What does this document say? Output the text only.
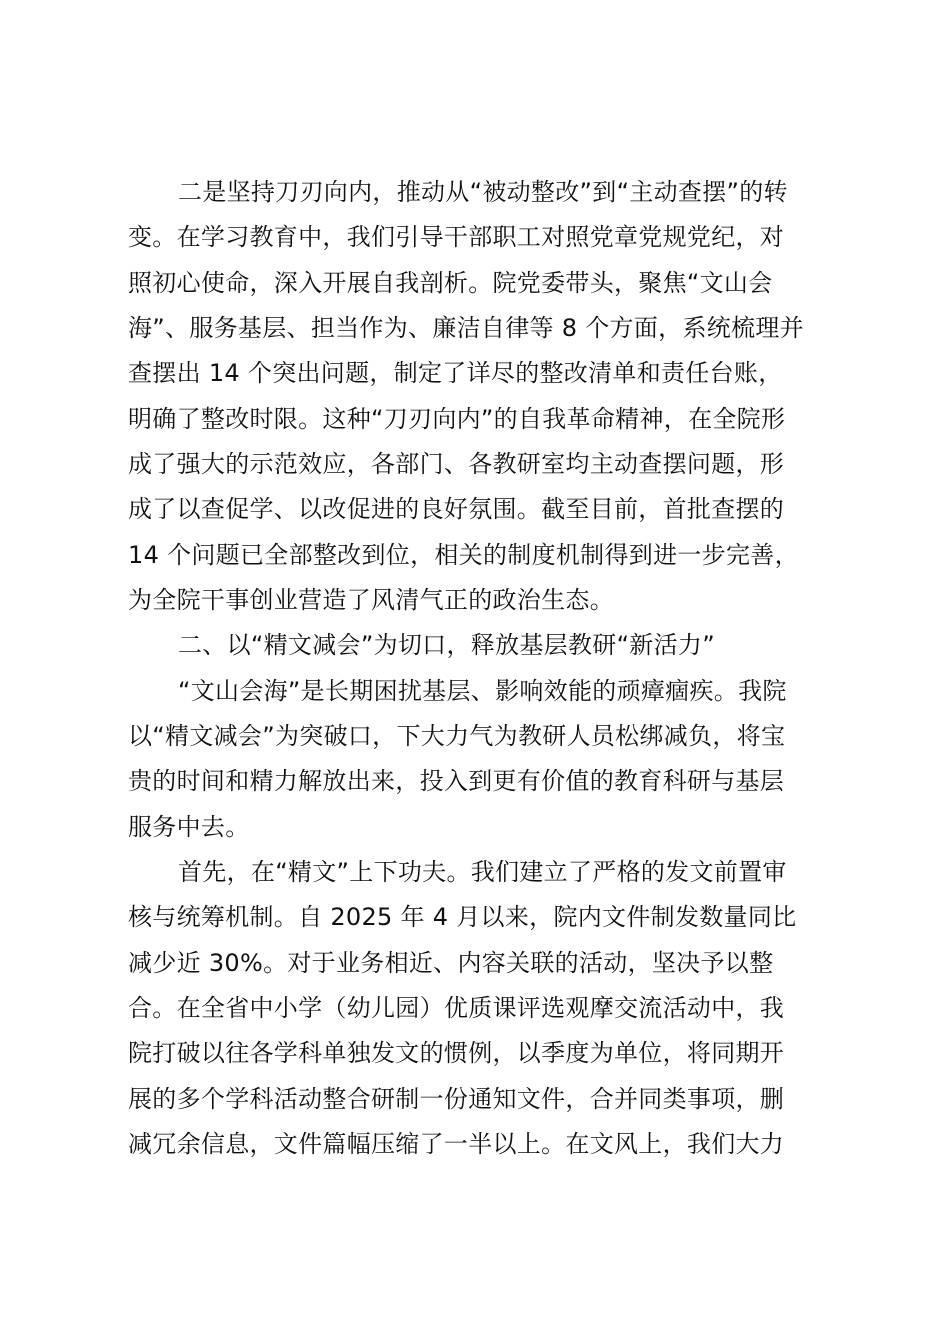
二是坚持刀刃向内，推动从“被动整改”到“主动查摆”的转
变。在学习教育中，我们引导干部职工对照党章党规党纪，对
照初心使命，深入开展自我剖析。院党委带头，聚焦“文山会
海”、服务基层、担当作为、廉洁自律等 8 个方面，系统梳理并
查摆出 14 个突出问题，制定了详尽的整改清单和责任台账，
明确了整改时限。这种“刀刃向内”的自我革命精神，在全院形
成了强大的示范效应，各部门、各教研室均主动查摆问题，形
成了以查促学、以改促进的良好氛围。截至目前，首批查摆的
14 个问题已全部整改到位，相关的制度机制得到进一步完善，
为全院干事创业营造了风清气正的政治生态。
二、以“精文减会”为切口，释放基层教研“新活力”
“文山会海”是长期困扰基层、影响效能的顽瘴痼疾。我院
以“精文减会”为突破口，下大力气为教研人员松绑减负，将宝
贵的时间和精力解放出来，投入到更有价值的教育科研与基层
服务中去。
首先，在“精文”上下功夫。我们建立了严格的发文前置审
核与统筹机制。自 2025 年 4 月以来，院内文件制发数量同比
减少近 30%。对于业务相近、内容关联的活动，坚决予以整
合。在全省中小学（幼儿园）优质课评选观摩交流活动中，我
院打破以往各学科单独发文的惯例，以季度为单位，将同期开
展的多个学科活动整合研制一份通知文件，合并同类事项，删
减冗余信息，文件篇幅压缩了一半以上。在文风上，我们大力
